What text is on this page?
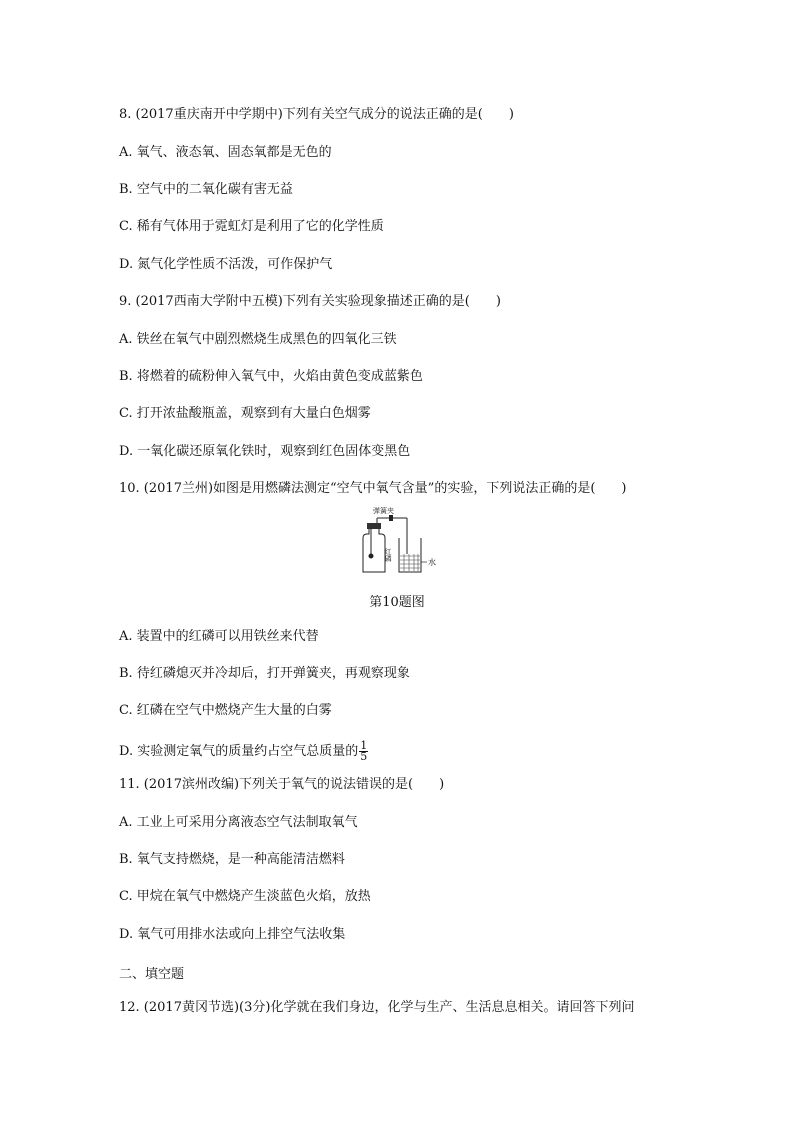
8. (2017重庆南开中学期中)下列有关空气成分的说法正确的是(　　)
A. 氧气、液态氧、固态氧都是无色的
B. 空气中的二氧化碳有害无益
C. 稀有气体用于霓虹灯是利用了它的化学性质
D. 氮气化学性质不活泼，可作保护气
9. (2017西南大学附中五模)下列有关实验现象描述正确的是(　　)
A. 铁丝在氧气中剧烈燃烧生成黑色的四氧化三铁
B. 将燃着的硫粉伸入氧气中，火焰由黄色变成蓝紫色
C. 打开浓盐酸瓶盖，观察到有大量白色烟雾
D. 一氧化碳还原氧化铁时，观察到红色固体变黑色
10. (2017兰州)如图是用燃磷法测定“空气中氧气含量”的实验，下列说法正确的是(　　)
弹簧夹
红磷
水
第10题图
A. 装置中的红磷可以用铁丝来代替
B. 待红磷熄灭并冷却后，打开弹簧夹，再观察现象
C. 红磷在空气中燃烧产生大量的白雾
D. 实验测定氧气的质量约占空气总质量的 $\frac{1}{5}$
11. (2017滨州改编)下列关于氧气的说法错误的是(　　)
A. 工业上可采用分离液态空气法制取氧气
B. 氧气支持燃烧，是一种高能清洁燃料
C. 甲烷在氧气中燃烧产生淡蓝色火焰，放热
D. 氧气可用排水法或向上排空气法收集
二、填空题
12. (2017黄冈节选)(3分)化学就在我们身边，化学与生产、生活息息相关。请回答下列问
